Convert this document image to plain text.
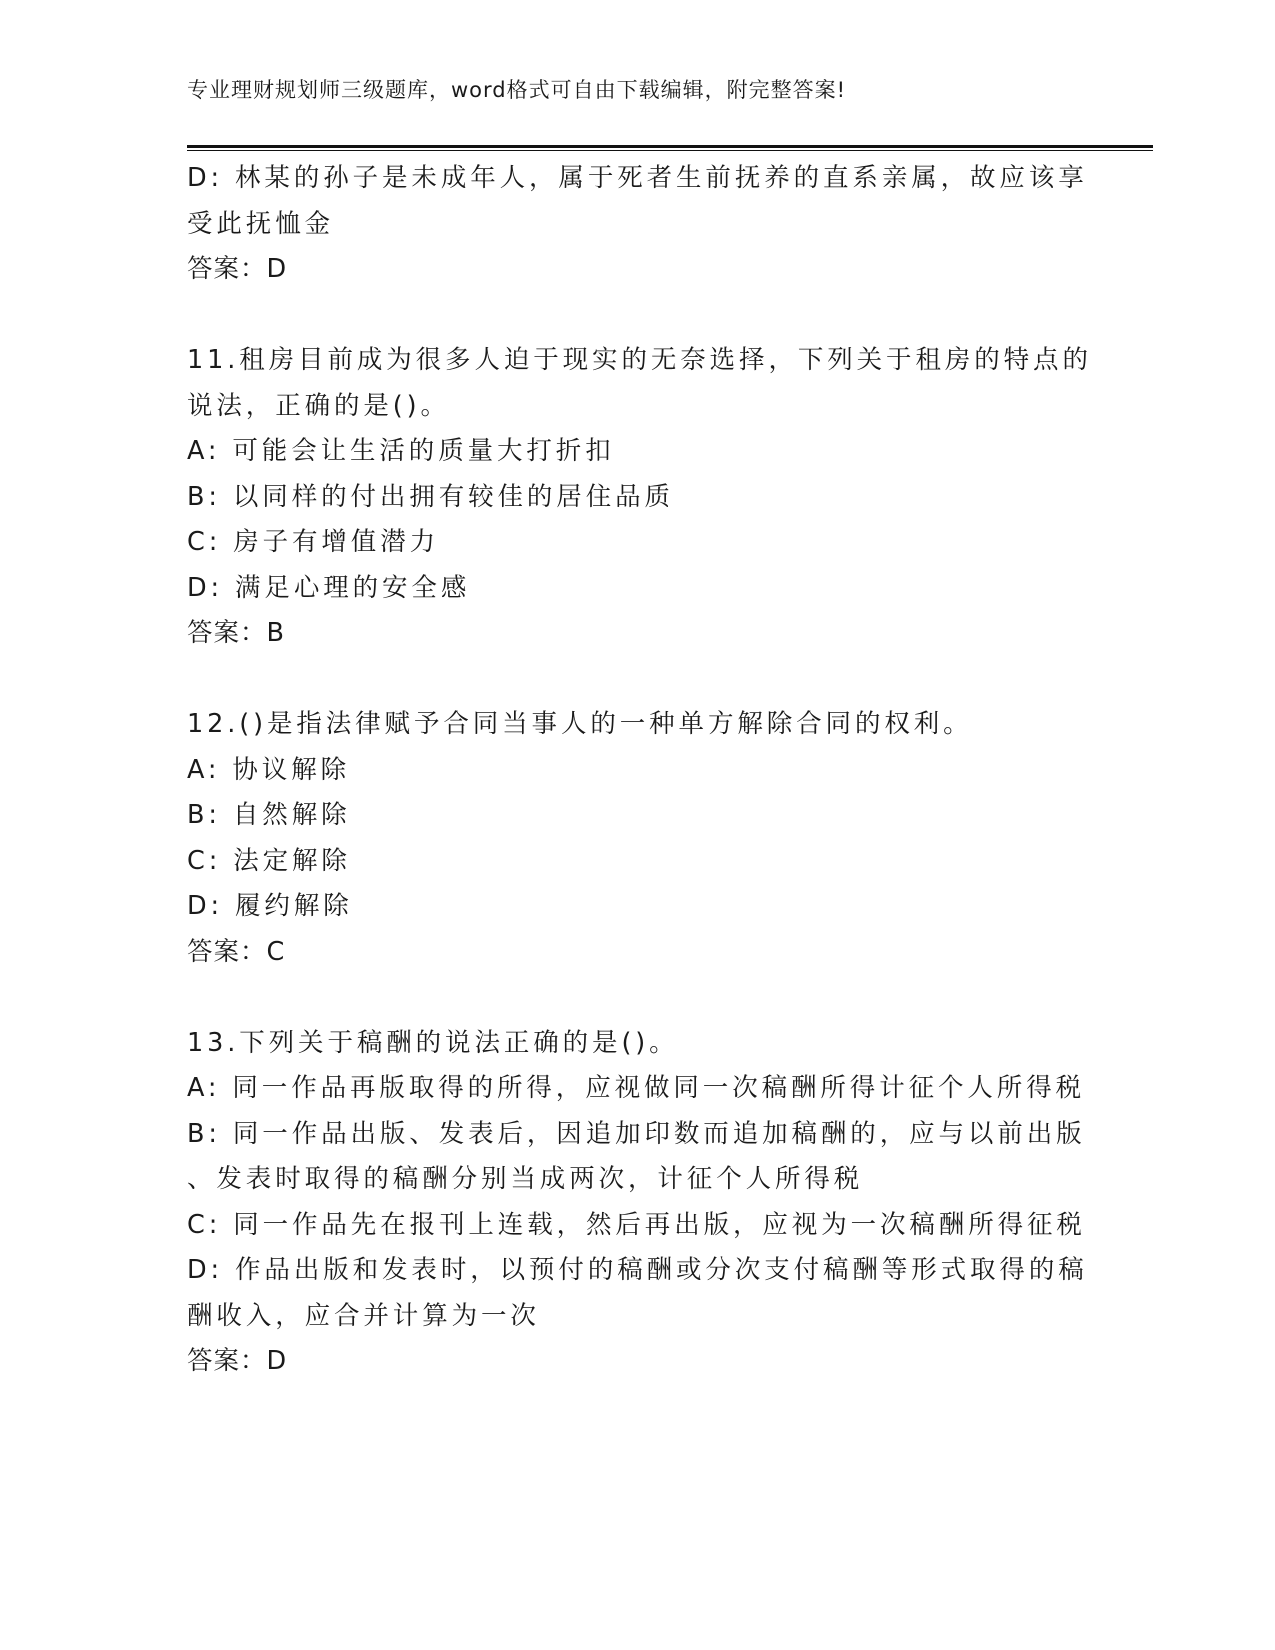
专业理财规划师三级题库，word格式可自由下载编辑，附完整答案!
D: 林某的孙子是未成年人，属于死者生前抚养的直系亲属，故应该享
受此抚恤金
答案：D
11.租房目前成为很多人迫于现实的无奈选择，下列关于租房的特点的
说法，正确的是()。
A: 可能会让生活的质量大打折扣
B: 以同样的付出拥有较佳的居住品质
C: 房子有增值潜力
D: 满足心理的安全感
答案：B
12.()是指法律赋予合同当事人的一种单方解除合同的权利。
A: 协议解除
B: 自然解除
C: 法定解除
D: 履约解除
答案：C
13.下列关于稿酬的说法正确的是()。
A: 同一作品再版取得的所得，应视做同一次稿酬所得计征个人所得税
B: 同一作品出版、发表后，因追加印数而追加稿酬的，应与以前出版
、发表时取得的稿酬分别当成两次，计征个人所得税
C: 同一作品先在报刊上连载，然后再出版，应视为一次稿酬所得征税
D: 作品出版和发表时，以预付的稿酬或分次支付稿酬等形式取得的稿
酬收入，应合并计算为一次
答案：D
